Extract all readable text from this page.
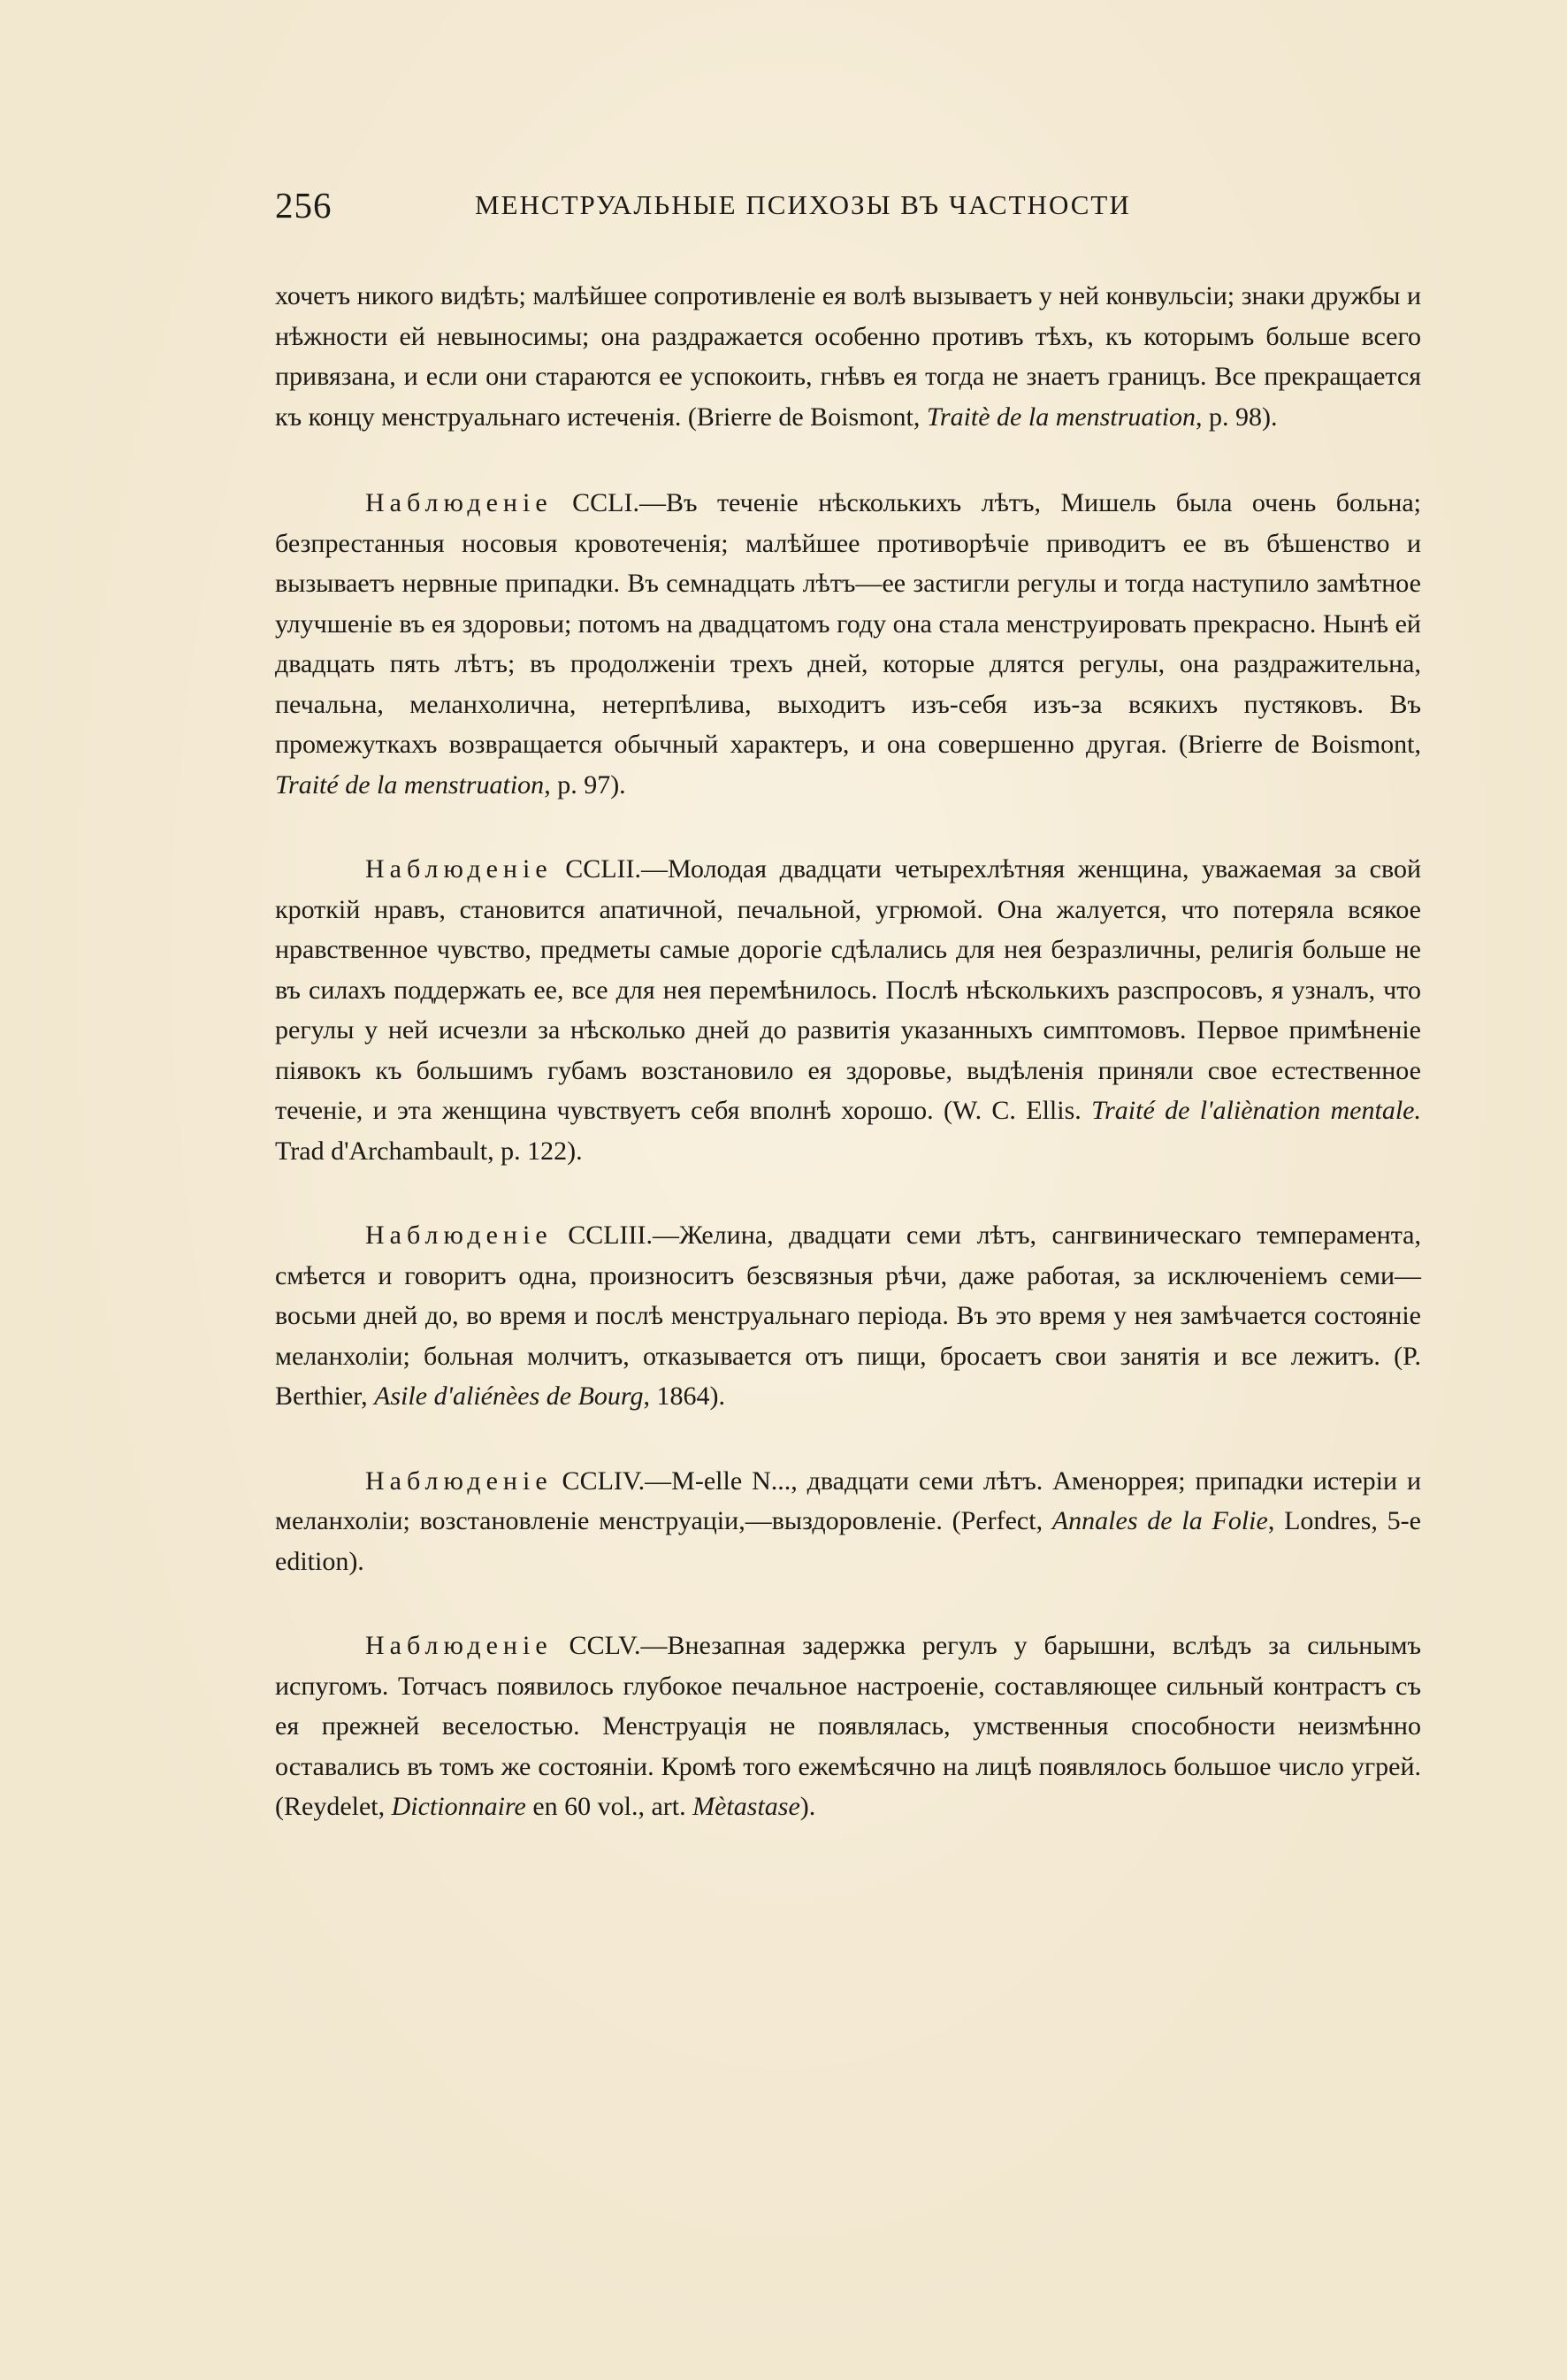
256	МЕНСТРУАЛЬНЫЕ ПСИХОЗЫ ВЪ ЧАСТНОСТИ

хочетъ никого видѣть; малѣйшее сопротивленіе ея волѣ вызываетъ у ней конвульсіи; знаки дружбы и нѣжности ей невыносимы; она раздражается особенно противъ тѣхъ, къ которымъ больше всего привязана, и если они стараются ее успокоить, гнѣвъ ея тогда не знаетъ границъ. Все прекращается къ концу менструальнаго истеченія. (Brierre de Boismont, Traitè de la menstruation, p. 98).

Наблюденіе CCLI.—Въ теченіе нѣсколькихъ лѣтъ, Мишель была очень больна; безпрестанныя носовыя кровотеченія; малѣйшее противорѣчіе приводитъ ее въ бѣшенство и вызываетъ нервные припадки. Въ семнадцать лѣтъ—ее застигли регулы и тогда наступило замѣтное улучшеніе въ ея здоровьи; потомъ на двадцатомъ году она стала менструировать прекрасно. Нынѣ ей двадцать пять лѣтъ; въ продолженіи трехъ дней, которые длятся регулы, она раздражительна, печальна, меланхолична, нетерпѣлива, выходитъ изъ-себя изъ-за всякихъ пустяковъ. Въ промежуткахъ возвращается обычный характеръ, и она совершенно другая. (Brierre de Boismont, Traité de la menstruation, p. 97).

Наблюденіе CCLII.—Молодая двадцати четырехлѣтняя женщина, уважаемая за свой кроткій нравъ, становится апатичной, печальной, угрюмой. Она жалуется, что потеряла всякое нравственное чувство, предметы самые дорогіе сдѣлались для нея безразличны, религія больше не въ силахъ поддержать ее, все для нея перемѣнилось. Послѣ нѣсколькихъ разспросовъ, я узналъ, что регулы у ней исчезли за нѣсколько дней до развитія указанныхъ симптомовъ. Первое примѣненіе піявокъ къ большимъ губамъ возстановило ея здоровье, выдѣленія приняли свое естественное теченіе, и эта женщина чувствуетъ себя вполнѣ хорошо. (W. C. Ellis. Traité de l'aliènation mentale. Trad d'Archambault, p. 122).

Наблюденіе CCLIII.—Желина, двадцати семи лѣтъ, сангвиническаго темперамента, смѣется и говоритъ одна, произноситъ безсвязныя рѣчи, даже работая, за исключеніемъ семи—восьми дней до, во время и послѣ менструальнаго періода. Въ это время у нея замѣчается состояніе меланхоліи; больная молчитъ, отказывается отъ пищи, бросаетъ свои занятія и все лежитъ. (P. Berthier, Asile d'aliénèes de Bourg, 1864).

Наблюденіе CCLIV.—M-elle N..., двадцати семи лѣтъ. Аменоррея; припадки истеріи и меланхоліи; возстановленіе менструаціи,—выздоровленіе. (Perfect, Annales de la Folie, Londres, 5-e edition).

Наблюденіе CCLV.—Внезапная задержка регулъ у барышни, вслѣдъ за сильнымъ испугомъ. Тотчасъ появилось глубокое печальное настроеніе, составляющее сильный контрастъ съ ея прежней веселостью. Менструація не появлялась, умственныя способности неизмѣнно оставались въ томъ же состояніи. Кромѣ того ежемѣсячно на лицѣ появлялось большое число угрей. (Reydelet, Dictionnaire en 60 vol., art. Mètastase).
